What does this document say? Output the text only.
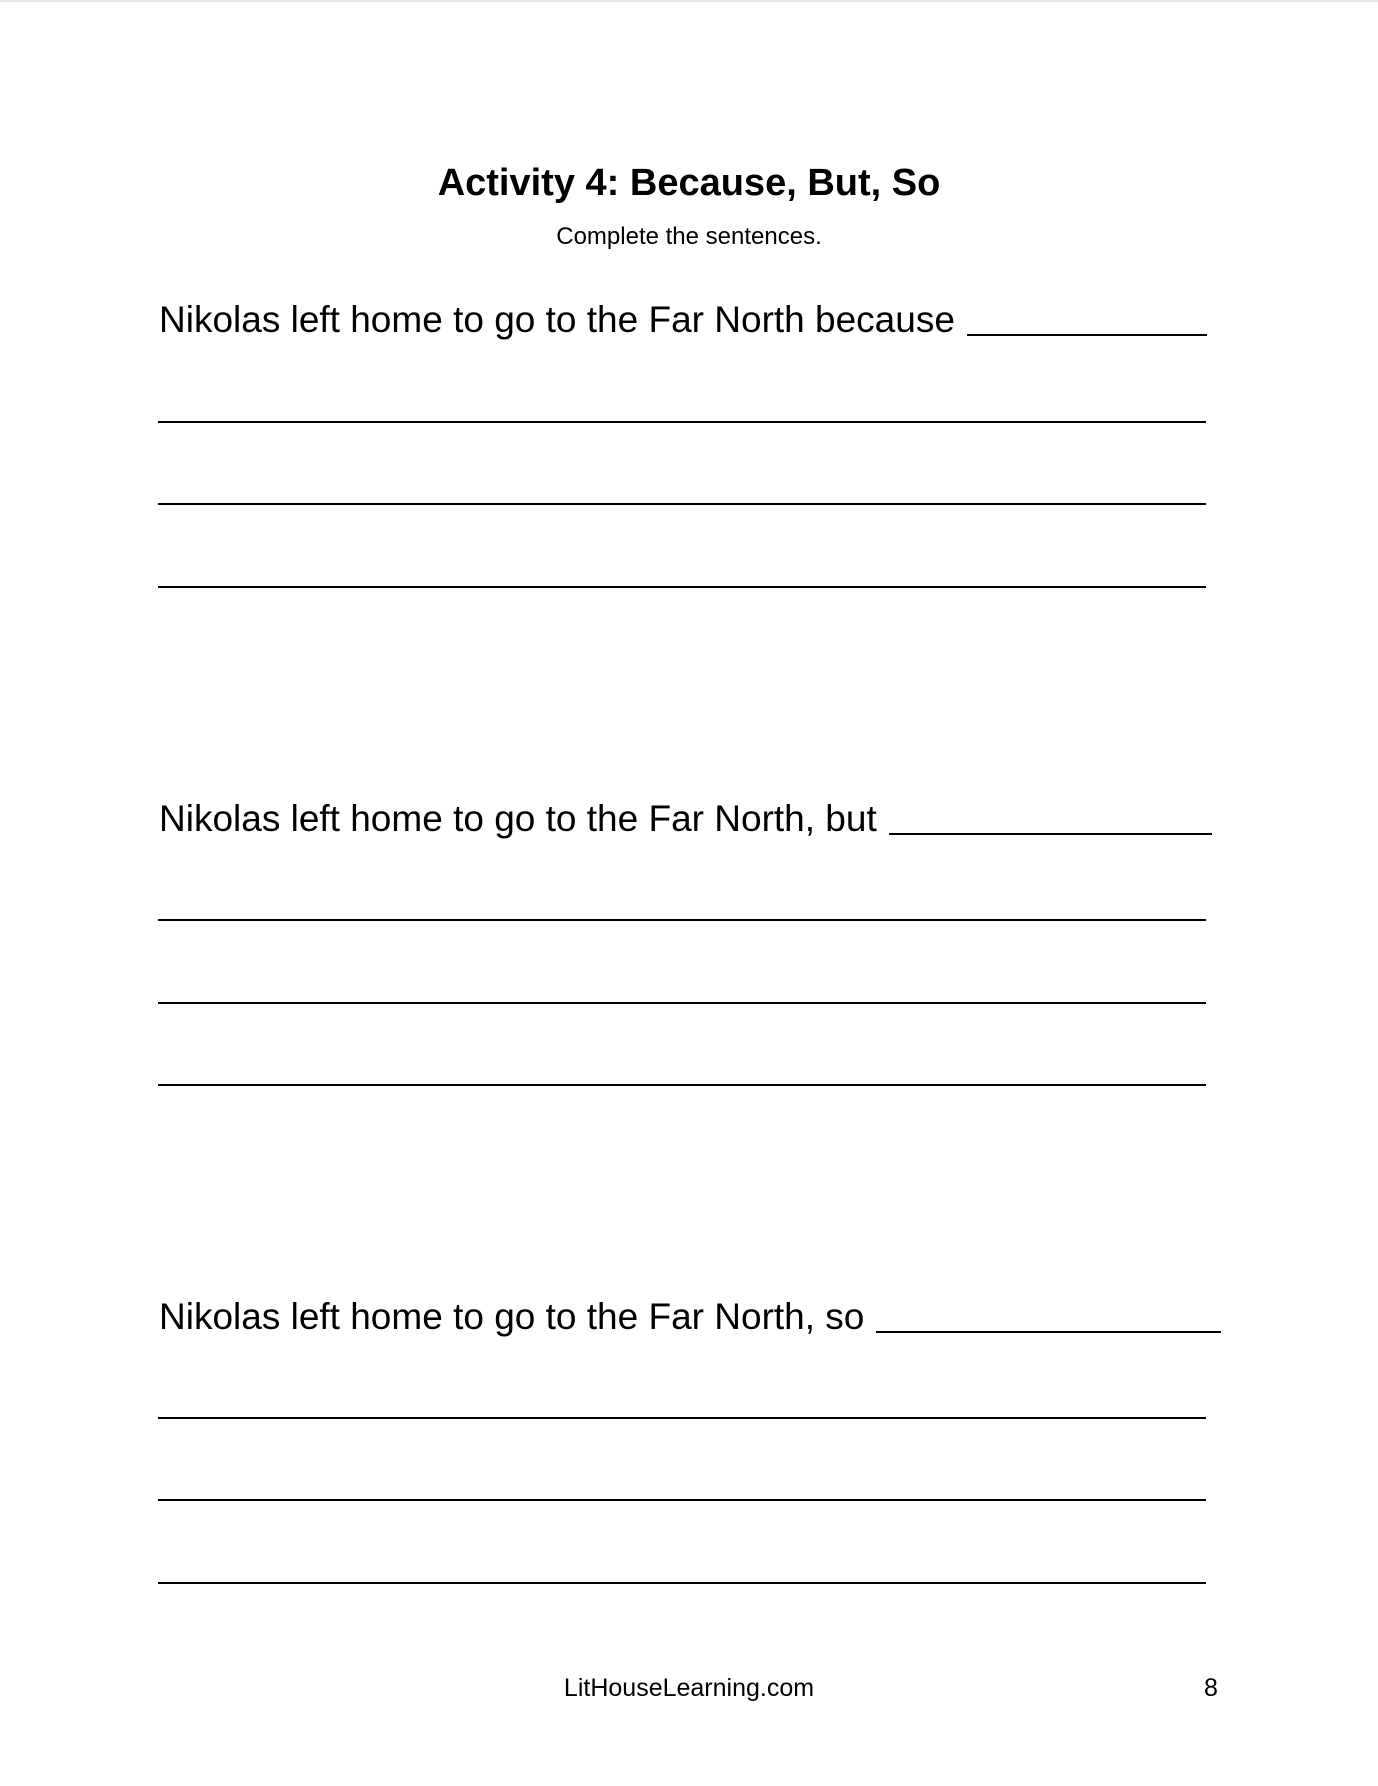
Activity 4: Because, But, So
Complete the sentences.
Nikolas left home to go to the Far North because
Nikolas left home to go to the Far North, but
Nikolas left home to go to the Far North, so
LitHouseLearning.com	8
